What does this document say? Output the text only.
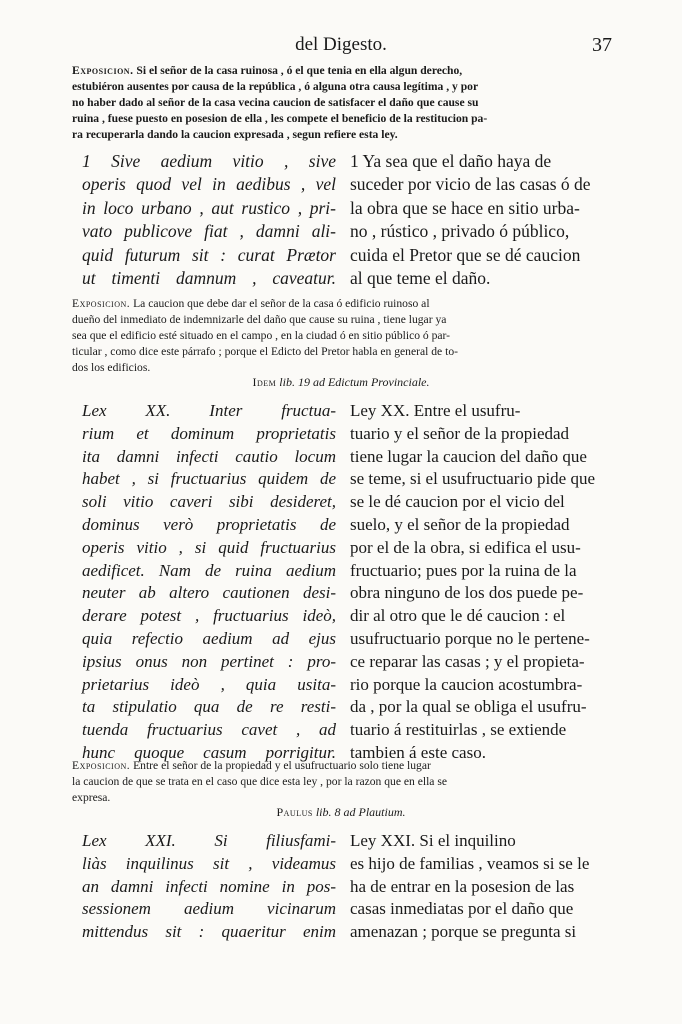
del Digesto.	37
Exposicion. Si el señor de la casa ruinosa , ó el que tenia en ella algun derecho,
estubiéron ausentes por causa de la república , ó alguna otra causa legítima , y por
no haber dado al señor de la casa vecina caucion de satisfacer el daño que cause su
ruina , fuese puesto en posesion de ella , les compete el beneficio de la restitucion pa-
ra recuperarla dando la caucion expresada , segun refiere esta ley.
1 Sive aedium vitio , sive
operis quod vel in aedibus , vel
in loco urbano , aut rustico , pri-
vato publicove fiat , damni ali-
quid futurum sit : curat Prætor
ut timenti damnum , caveatur.
1 Ya sea que el daño haya de
suceder por vicio de las casas ó de
la obra que se hace en sitio urba-
no , rústico , privado ó público,
cuida el Pretor que se dé caucion
al que teme el daño.
Exposicion. La caucion que debe dar el señor de la casa ó edificio ruinoso al
dueño del inmediato de indemnizarle del daño que cause su ruina , tiene lugar ya
sea que el edificio esté situado en el campo , en la ciudad ó en sitio público ó par-
ticular , como dice este párrafo ; porque el Edicto del Pretor habla en general de to-
dos los edificios.
Idem lib. 19 ad Edictum Provinciale.
Lex XX. Inter fructua-
rium et dominum proprietatis
ita damni infecti cautio locum
habet , si fructuarius quidem de
soli vitio caveri sibi desideret,
dominus verò proprietatis de
operis vitio , si quid fructuarius
aedificet. Nam de ruina aedium
neuter ab altero cautionen desi-
derare potest , fructuarius ideò,
quia refectio aedium ad ejus
ipsius onus non pertinet : pro-
prietarius ideò , quia usita-
ta stipulatio qua de re resti-
tuenda fructuarius cavet , ad
hunc quoque casum porrigitur.
Ley XX. Entre el usufru-
tuario y el señor de la propiedad
tiene lugar la caucion del daño que
se teme, si el usufructuario pide que
se le dé caucion por el vicio del
suelo, y el señor de la propiedad
por el de la obra, si edifica el usu-
fructuario; pues por la ruina de la
obra ninguno de los dos puede pe-
dir al otro que le dé caucion : el
usufructuario porque no le pertene-
ce reparar las casas ; y el propieta-
rio porque la caucion acostumbra-
da , por la qual se obliga el usufru-
tuario á restituirlas , se extiende
tambien á este caso.
Exposicion. Entre el señor de la propiedad y el usufructuario solo tiene lugar
la caucion de que se trata en el caso que dice esta ley , por la razon que en ella se
expresa.
Paulus lib. 8 ad Plautium.
Lex XXI. Si filiusfami-
liàs inquilinus sit , videamus
an damni infecti nomine in pos-
sessionem aedium vicinarum
mittendus sit : quaeritur enim
Ley XXI. Si el inquilino
es hijo de familias , veamos si se le
ha de entrar en la posesion de las
casas inmediatas por el daño que
amenazan ; porque se pregunta si
